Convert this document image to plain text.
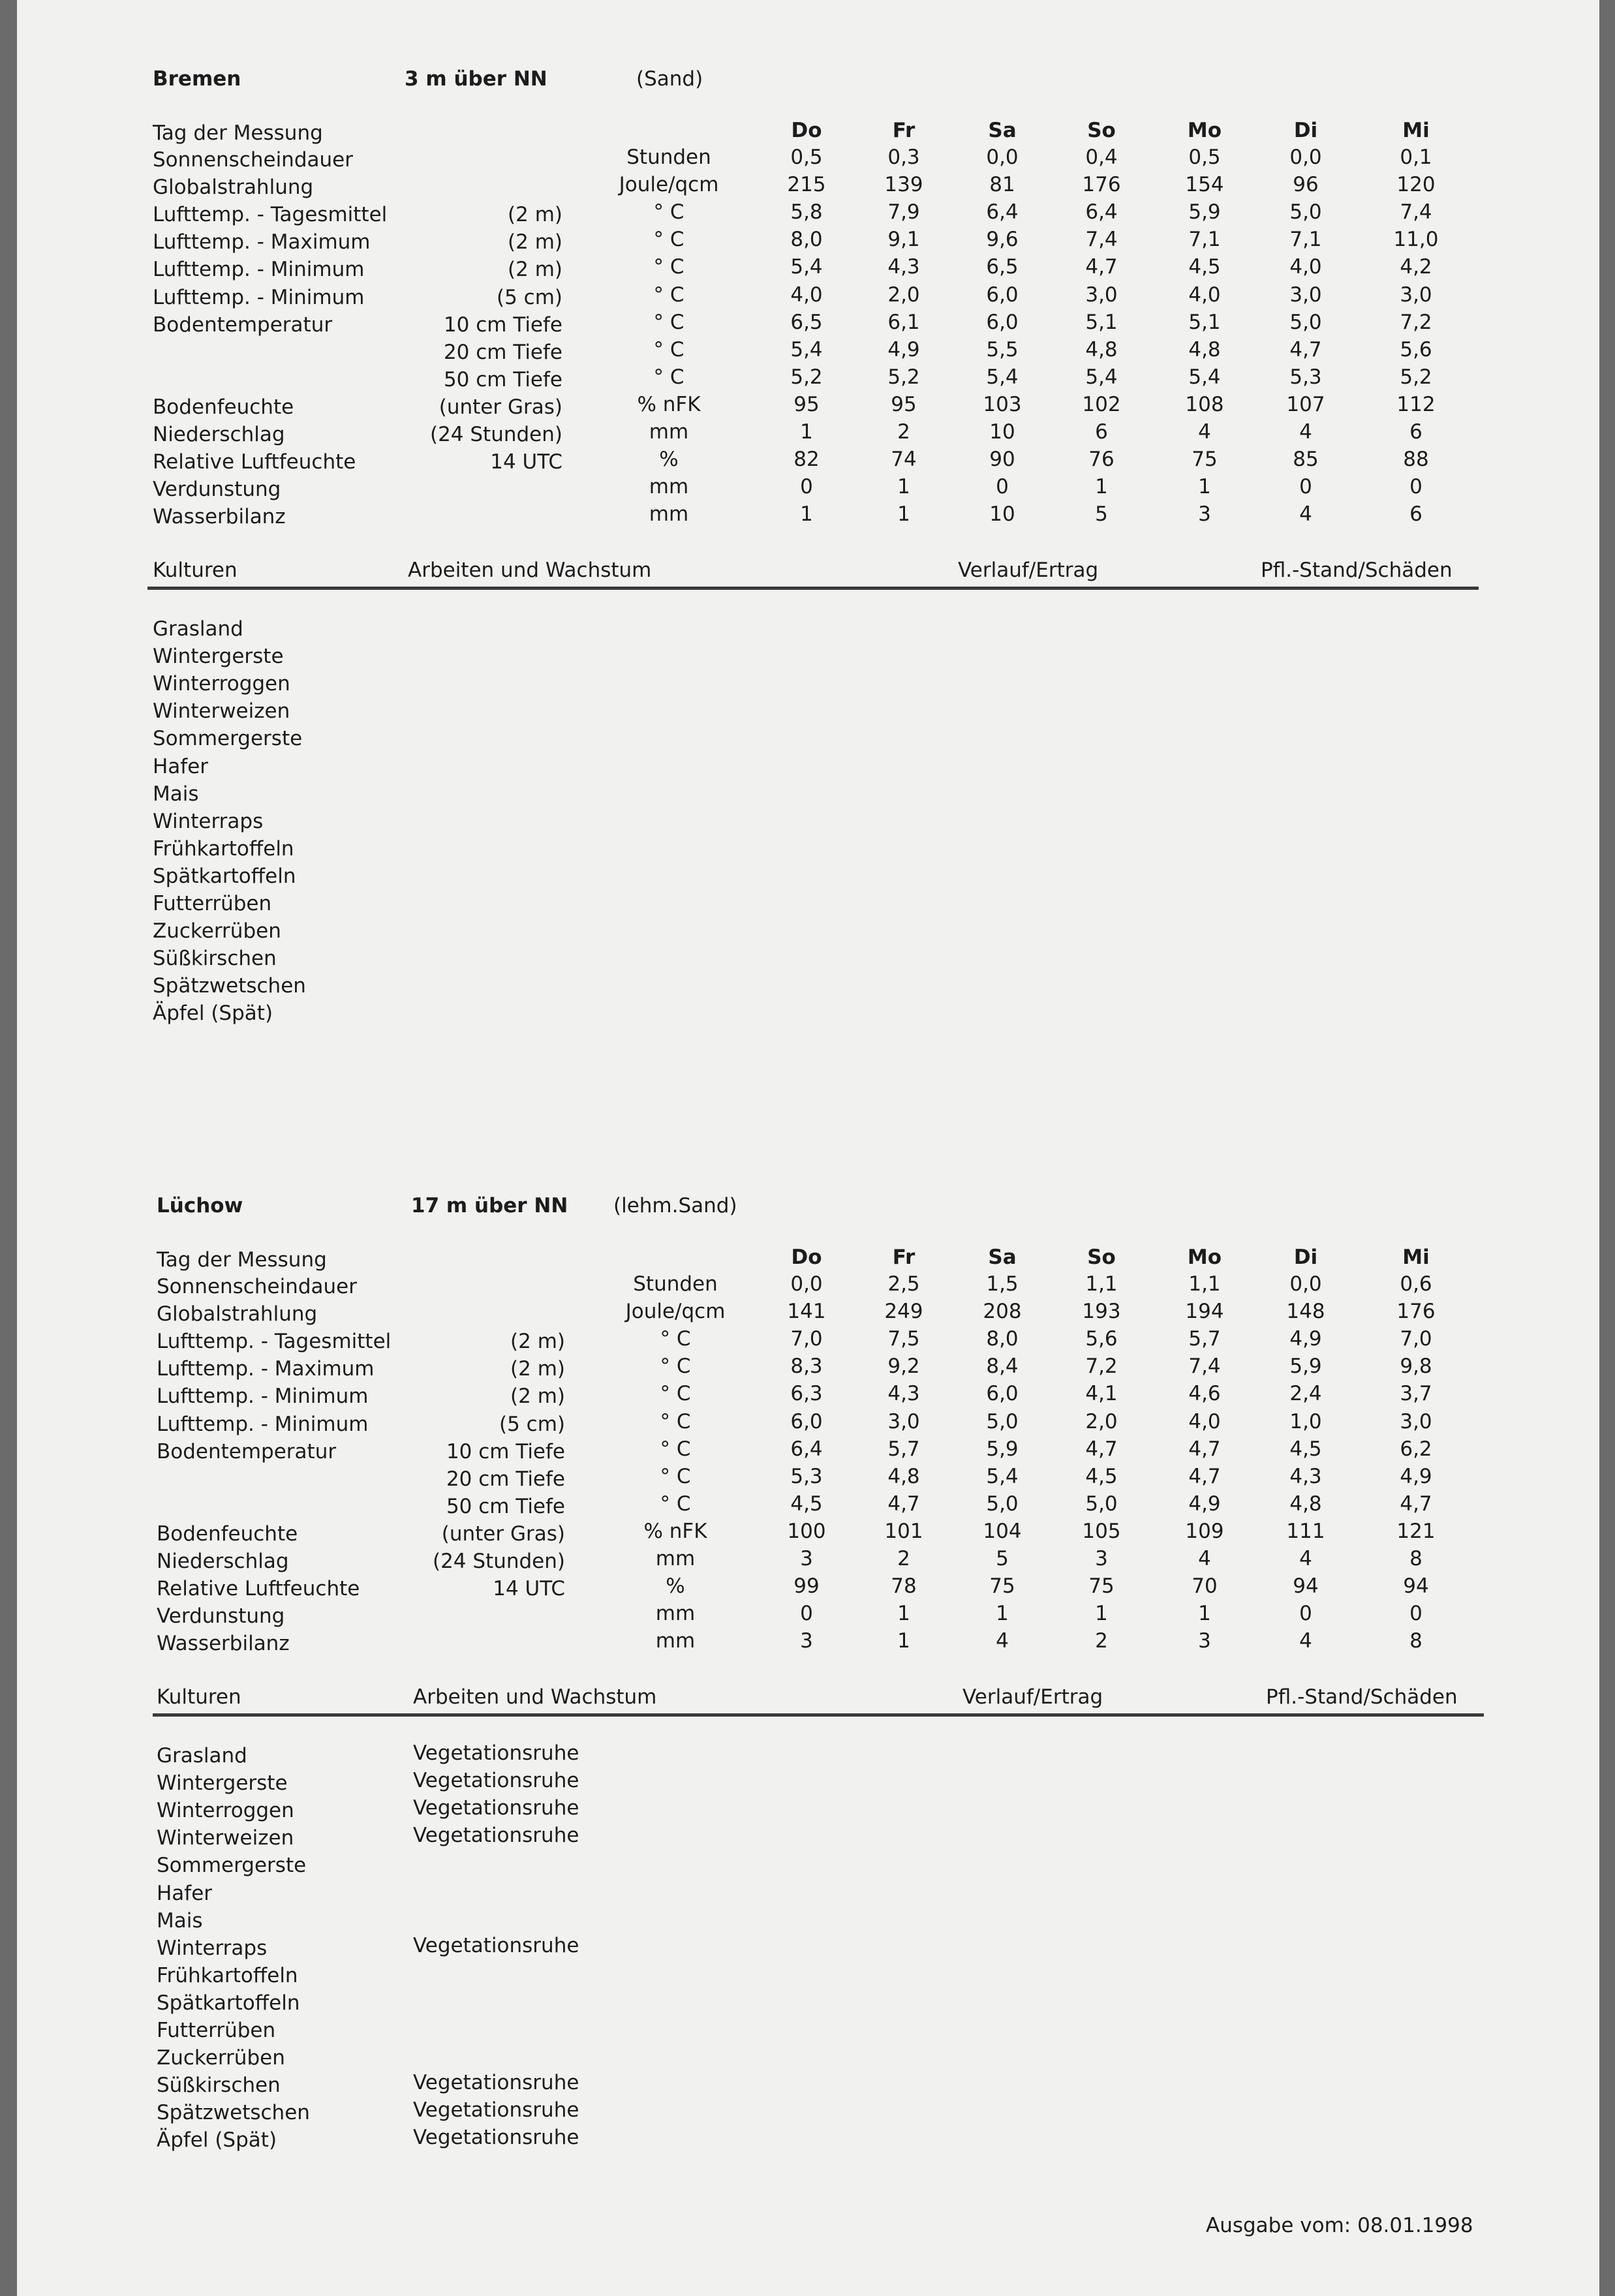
Bremen	3 m über NN	(Sand)
Tag der Messung	Do	Fr	Sa	So	Mo	Di	Mi
Sonnenscheindauer	Stunden	0,5	0,3	0,0	0,4	0,5	0,0	0,1
Globalstrahlung	Joule/qcm	215	139	81	176	154	96	120
Lufttemp. - Tagesmittel	(2 m)	° C	5,8	7,9	6,4	6,4	5,9	5,0	7,4
Lufttemp. - Maximum	(2 m)	° C	8,0	9,1	9,6	7,4	7,1	7,1	11,0
Lufttemp. - Minimum	(2 m)	° C	5,4	4,3	6,5	4,7	4,5	4,0	4,2
Lufttemp. - Minimum	(5 cm)	° C	4,0	2,0	6,0	3,0	4,0	3,0	3,0
Bodentemperatur	10 cm Tiefe	° C	6,5	6,1	6,0	5,1	5,1	5,0	7,2
20 cm Tiefe	° C	5,4	4,9	5,5	4,8	4,8	4,7	5,6
50 cm Tiefe	° C	5,2	5,2	5,4	5,4	5,4	5,3	5,2
Bodenfeuchte	(unter Gras)	% nFK	95	95	103	102	108	107	112
Niederschlag	(24 Stunden)	mm	1	2	10	6	4	4	6
Relative Luftfeuchte	14 UTC	%	82	74	90	76	75	85	88
Verdunstung	mm	0	1	0	1	1	0	0
Wasserbilanz	mm	1	1	10	5	3	4	6
Kulturen	Arbeiten und Wachstum	Verlauf/Ertrag	Pfl.-Stand/Schäden
Grasland
Wintergerste
Winterroggen
Winterweizen
Sommergerste
Hafer
Mais
Winterraps
Frühkartoffeln
Spätkartoffeln
Futterrüben
Zuckerrüben
Süßkirschen
Spätzwetschen
Äpfel (Spät)
Lüchow	17 m über NN (lehm.Sand)
Tag der Messung	Do	Fr	Sa	So	Mo	Di	Mi
Sonnenscheindauer	Stunden	0,0	2,5	1,5	1,1	1,1	0,0	0,6
Globalstrahlung	Joule/qcm	141	249	208	193	194	148	176
Lufttemp. - Tagesmittel	(2 m)	° C	7,0	7,5	8,0	5,6	5,7	4,9	7,0
Lufttemp. - Maximum	(2 m)	° C	8,3	9,2	8,4	7,2	7,4	5,9	9,8
Lufttemp. - Minimum	(2 m)	° C	6,3	4,3	6,0	4,1	4,6	2,4	3,7
Lufttemp. - Minimum	(5 cm)	° C	6,0	3,0	5,0	2,0	4,0	1,0	3,0
Bodentemperatur	10 cm Tiefe	° C	6,4	5,7	5,9	4,7	4,7	4,5	6,2
20 cm Tiefe	° C	5,3	4,8	5,4	4,5	4,7	4,3	4,9
50 cm Tiefe	° C	4,5	4,7	5,0	5,0	4,9	4,8	4,7
Bodenfeuchte	(unter Gras)	% nFK	100	101	104	105	109	111	121
Niederschlag	(24 Stunden)	mm	3	2	5	3	4	4	8
Relative Luftfeuchte	14 UTC	%	99	78	75	75	70	94	94
Verdunstung	mm	0	1	1	1	1	0	0
Wasserbilanz	mm	3	1	4	2	3	4	8
Kulturen	Arbeiten und Wachstum	Verlauf/Ertrag	Pfl.-Stand/Schäden
Grasland	Vegetationsruhe
Wintergerste	Vegetationsruhe
Winterroggen	Vegetationsruhe
Winterweizen	Vegetationsruhe
Sommergerste
Hafer
Mais
Winterraps	Vegetationsruhe
Frühkartoffeln
Spätkartoffeln
Futterrüben
Zuckerrüben
Süßkirschen	Vegetationsruhe
Spätzwetschen	Vegetationsruhe
Äpfel (Spät)	Vegetationsruhe
Ausgabe vom: 08.01.1998
